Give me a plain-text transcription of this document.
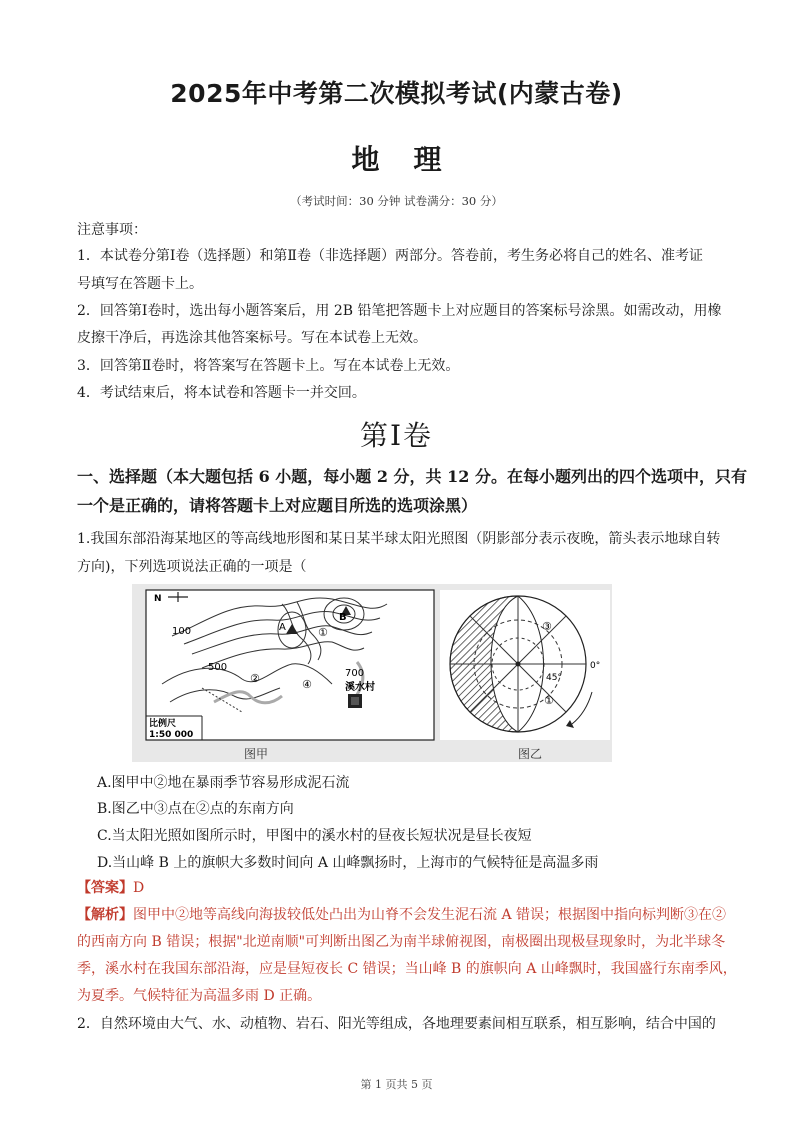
2025年中考第二次模拟考试(内蒙古卷)
地理
（考试时间：30 分钟 试卷满分：30 分）
注意事项：
1．本试卷分第Ⅰ卷（选择题）和第Ⅱ卷（非选择题）两部分。答卷前，考生务必将自己的姓名、准考证
号填写在答题卡上。
2．回答第Ⅰ卷时，选出每小题答案后，用 2B 铅笔把答题卡上对应题目的答案标号涂黑。如需改动，用橡
皮擦干净后，再选涂其他答案标号。写在本试卷上无效。
3．回答第Ⅱ卷时，将答案写在答题卡上。写在本试卷上无效。
4．考试结束后，将本试卷和答题卡一并交回。
第Ⅰ卷
一、选择题（本大题包括 6 小题，每小题 2 分，共 12 分。在每小题列出的四个选项中，只有
一个是正确的，请将答题卡上对应题目所选的选项涂黑）
1.我国东部沿海某地区的等高线地形图和某日某半球太阳光照图（阴影部分表示夜晚，箭头表示地球自转
方向)，下列选项说法正确的一项是（
N
100
500
700
溪水村
A
B
①
②	④
比例尺
1:50 000
图甲
③
①
45°
0°
图乙
A.图甲中②地在暴雨季节容易形成泥石流
B.图乙中③点在②点的东南方向
C.当太阳光照如图所示时，甲图中的溪水村的昼夜长短状况是昼长夜短
D.当山峰 B 上的旗帜大多数时间向 A 山峰飘扬时，上海市的气候特征是高温多雨
【答案】D
【解析】图甲中②地等高线向海拔较低处凸出为山脊不会发生泥石流 A 错误；根据图中指向标判断③在②
的西南方向 B 错误；根据"北逆南顺"可判断出图乙为南半球俯视图，南极圈出现极昼现象时，为北半球冬
季，溪水村在我国东部沿海，应是昼短夜长 C 错误；当山峰 B 的旗帜向 A 山峰飘时，我国盛行东南季风，
为夏季。气候特征为高温多雨 D 正确。
2．自然环境由大气、水、动植物、岩石、阳光等组成，各地理要素间相互联系，相互影响，结合中国的
第 1 页共 5 页
